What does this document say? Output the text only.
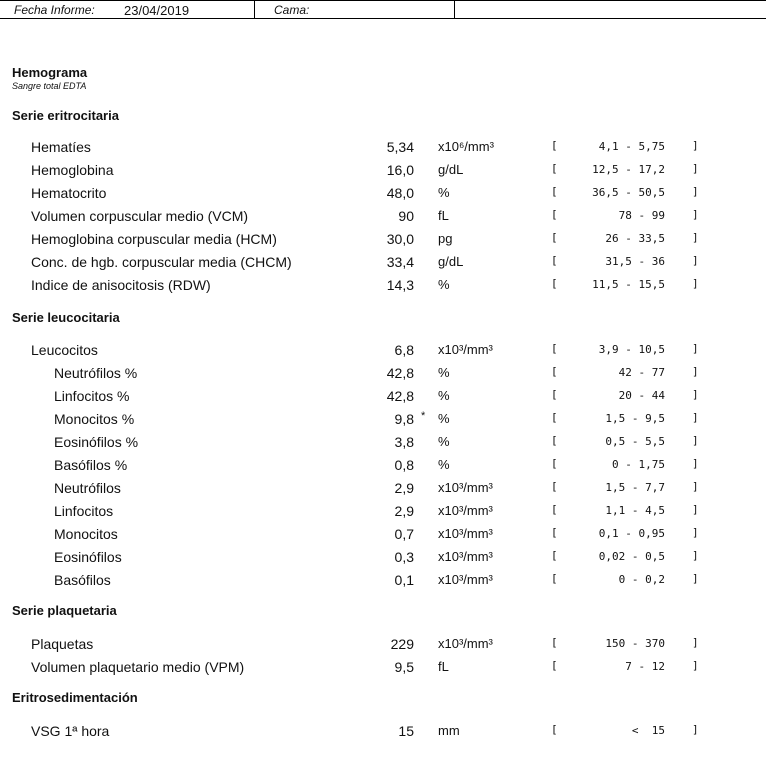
Fecha Informe: 23/04/2019	Cama:
Hemograma
Sangre total EDTA
Serie eritrocitaria
Hematíes	5,34 x10⁶/mm³	[	4,1 - 5,75 ]
Hemoglobina	16,0 g/dL	[	12,5 - 17,2 ]
Hematocrito	48,0 %	[	36,5 - 50,5 ]
Volumen corpuscular medio (VCM)	90 fL	[	78 - 99 ]
Hemoglobina corpuscular media (HCM)	30,0 pg	[	26 - 33,5 ]
Conc. de hgb. corpuscular media (CHCM)	33,4 g/dL	[	31,5 - 36 ]
Indice de anisocitosis (RDW)	14,3 %	[	11,5 - 15,5 ]
Serie leucocitaria
Leucocitos	6,8 x10³/mm³	[	3,9 - 10,5 ]
Neutrófilos %	42,8 %	[	42 - 77 ]
Linfocitos %	42,8 %	[	20 - 44 ]
Monocitos %	9,8 * %	[	1,5 - 9,5 ]
Eosinófilos %	3,8 %	[	0,5 - 5,5 ]
Basófilos %	0,8 %	[	0 - 1,75 ]
Neutrófilos	2,9 x10³/mm³	[	1,5 - 7,7 ]
Linfocitos	2,9 x10³/mm³	[	1,1 - 4,5 ]
Monocitos	0,7 x10³/mm³	[	0,1 - 0,95 ]
Eosinófilos	0,3 x10³/mm³	[	0,02 - 0,5 ]
Basófilos	0,1 x10³/mm³	[	0 - 0,2 ]
Serie plaquetaria
Plaquetas	229 x10³/mm³	[	150 - 370 ]
Volumen plaquetario medio (VPM)	9,5 fL	[	7 - 12 ]
Eritrosedimentación
VSG 1ª hora	15 mm	[	<  15 ]
